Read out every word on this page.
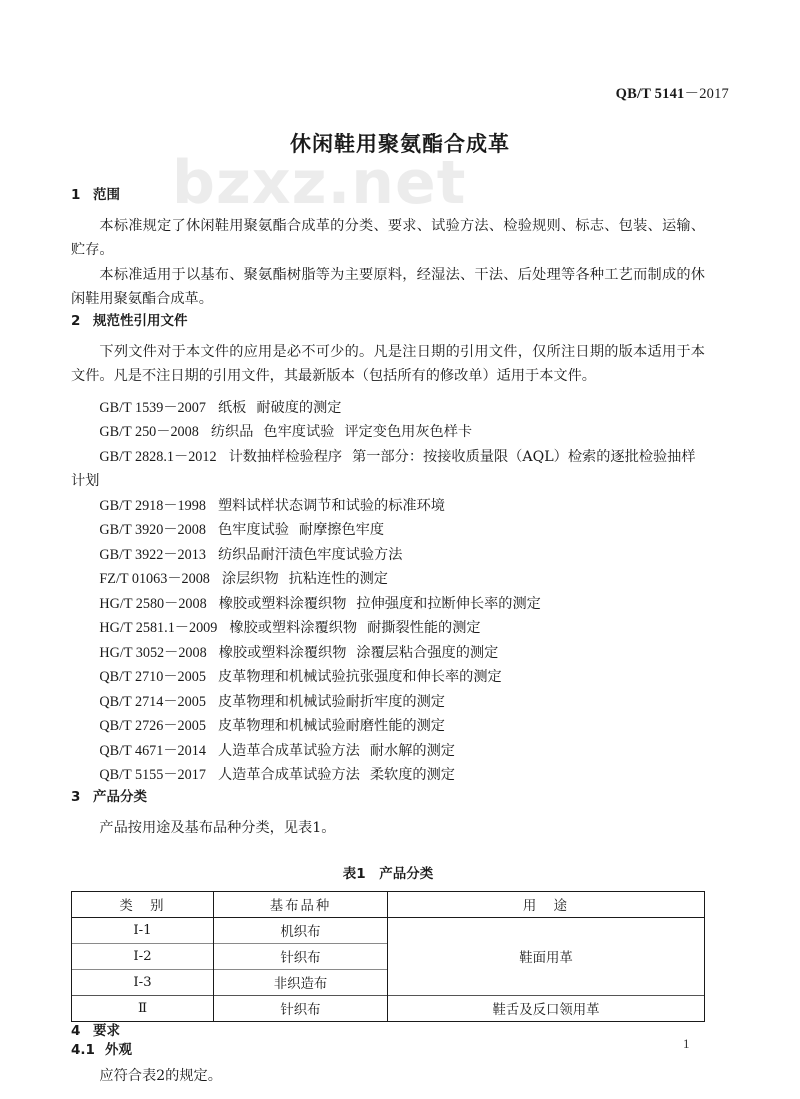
bzxz.net
QB/T 5141－2017
休闲鞋用聚氨酯合成革
1 范围

本标准规定了休闲鞋用聚氨酯合成革的分类、要求、试验方法、检验规则、标志、包装、运输、贮存。

本标准适用于以基布、聚氨酯树脂等为主要原料，经湿法、干法、后处理等各种工艺而制成的休闲鞋用聚氨酯合成革。

2 规范性引用文件

下列文件对于本文件的应用是必不可少的。凡是注日期的引用文件，仅所注日期的版本适用于本文件。凡是不注日期的引用文件，其最新版本（包括所有的修改单）适用于本文件。

GB/T 1539－2007 纸板 耐破度的测定
GB/T 250－2008 纺织品 色牢度试验 评定变色用灰色样卡
GB/T 2828.1－2012 计数抽样检验程序 第一部分：按接收质量限（AQL）检索的逐批检验抽样计划
GB/T 2918－1998 塑料试样状态调节和试验的标准环境
GB/T 3920－2008 色牢度试验 耐摩擦色牢度
GB/T 3922－2013 纺织品耐汗渍色牢度试验方法
FZ/T 01063－2008 涂层织物 抗粘连性的测定
HG/T 2580－2008 橡胶或塑料涂覆织物 拉伸强度和拉断伸长率的测定
HG/T 2581.1－2009 橡胶或塑料涂覆织物 耐撕裂性能的测定
HG/T 3052－2008 橡胶或塑料涂覆织物 涂覆层粘合强度的测定
QB/T 2710－2005 皮革物理和机械试验抗张强度和伸长率的测定
QB/T 2714－2005 皮革物理和机械试验耐折牢度的测定
QB/T 2726－2005 皮革物理和机械试验耐磨性能的测定
QB/T 4671－2014 人造革合成革试验方法 耐水解的测定
QB/T 5155－2017 人造革合成革试验方法 柔软度的测定
3 产品分类

产品按用途及基布品种分类，见表1。

表1　产品分类
类　别	基布品种	用　途
Ⅰ-1	机织布	鞋面用革
Ⅰ-2	针织布	
Ⅰ-3	非织造布	
Ⅱ	针织布	鞋舌及反口领用革
4 要求
4.1 外观

应符合表2的规定。

1
